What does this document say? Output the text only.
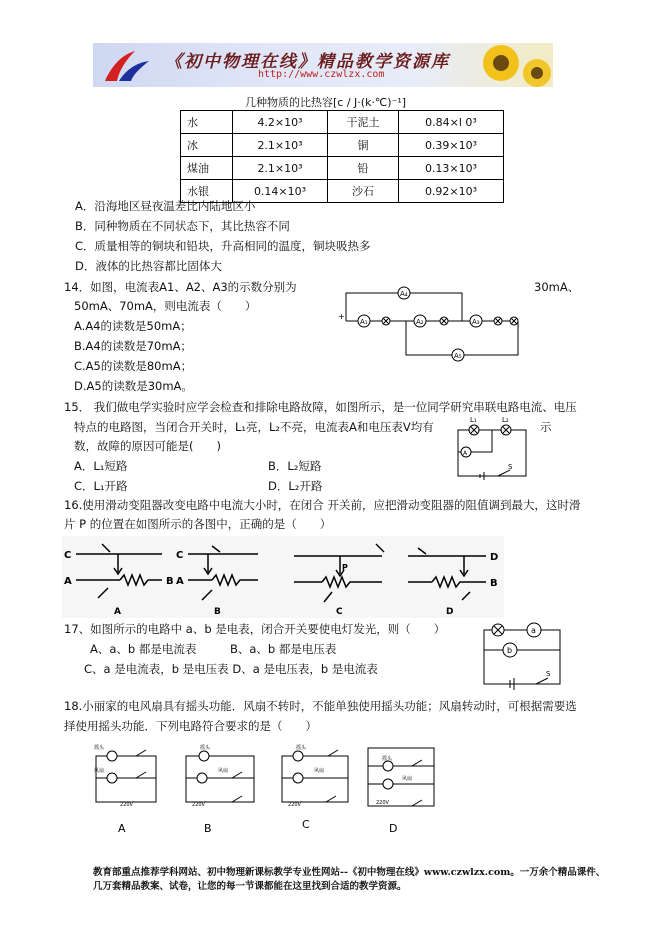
《初中物理在线》精品教学资源库
http://www.czwlzx.com
几种物质的比热容[c / J·(k·℃)⁻¹]
水	4.2×10³	干泥土	0.84×l 0³
冰	2.1×10³	铜	0.39×10³
煤油	2.1×10³	铅	0.13×10³
水银	0.14×10³	沙石	0.92×10³
A．沿海地区昼夜温差比内陆地区小
B．同种物质在不同状态下，其比热容不同
C．质量相等的铜块和铅块，升高相同的温度，铜块吸热多
D．液体的比热容都比固体大
14．如图，电流表A1、A2、A3的示数分别为	30mA、
50mA、70mA，则电流表（　　）
A.A4的读数是50mA；
B.A4的读数是70mA；
C.A5的读数是80mA；
D.A5的读数是30mA。
A₄
A₁	A₂	A₃
A₅
+
15． 我们做电学实验时应学会检查和排除电路故障，如图所示，是一位同学研究串联电路电流、电压
特点的电路图，当闭合开关时，L₁亮，L₂不亮，电流表A和电压表V均有	示
数，故障的原因可能是(　　)
A．L₁短路	B．L₂短路
C．L₁开路	D．L₂开路
L₁	L₂
A
S
16.使用滑动变阻器改变电路中电流大小时，在闭合 开关前，应把滑动变阻器的阻值调到最大，这时滑
片 P 的位置在如图所示的各图中，正确的是（　　）
C
A	B
A
C
A
B
P
C
D
B
D
17、如图所示的电路中 a、b 是电表，闭合开关要使电灯发光，则（　　）
A、a、b 都是电流表	B、a、b 都是电压表
C、a 是电流表，b 是电压表 D、a 是电压表，b 是电流表
a
b
S
18.小丽家的电风扇具有摇头功能．风扇不转时，不能单独使用摇头功能；风扇转动时，可根据需要选
择使用摇头功能．下列电路符合要求的是（　　）
摇头
风扇
220V
A
摇头
风扇
220V
B
摇头
风扇
220V
C
摇头
风扇
220V
D
教育部重点推荐学科网站、初中物理新课标教学专业性网站--《初中物理在线》www.czwlzx.com。一万余个精品课件、
几万套精品教案、试卷，让您的每一节课都能在这里找到合适的教学资源。
